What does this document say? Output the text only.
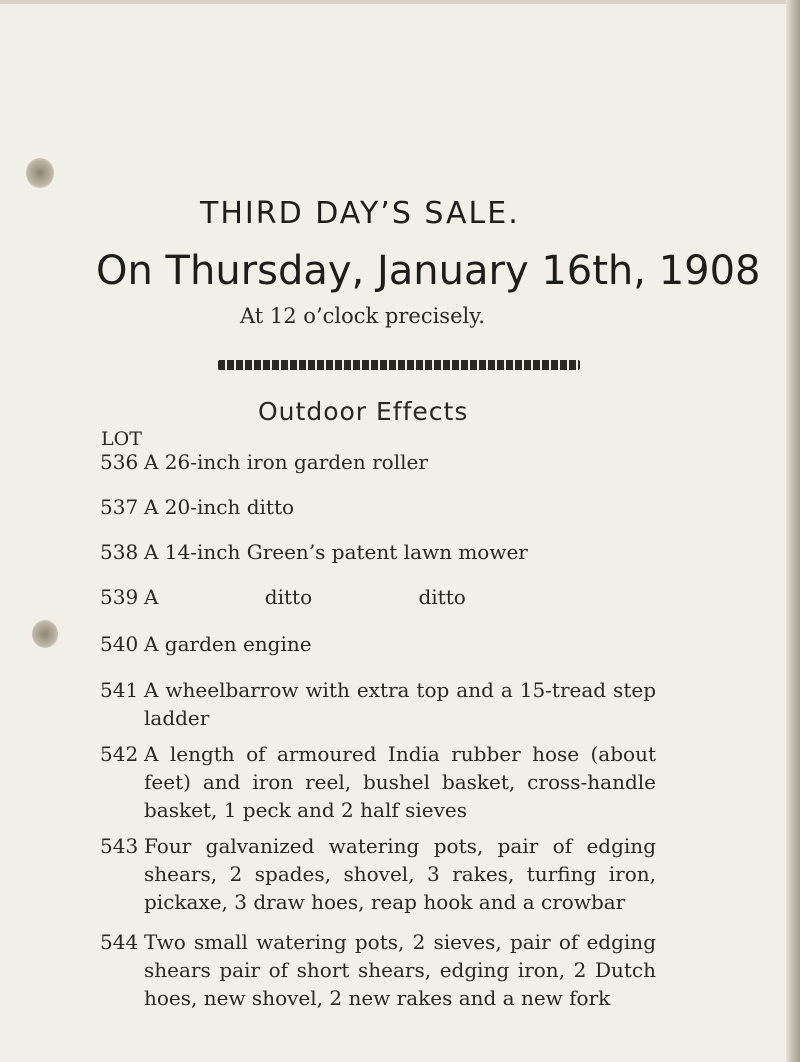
THIRD DAY’S SALE.
On Thursday, January 16th, 1908
At 12 o’clock precisely.
Outdoor Effects
LOT
536 A 26-inch iron garden roller
537 A 20-inch ditto
538 A 14-inch Green’s patent lawn mower
539 A ditto ditto
540 A garden engine
541 A wheelbarrow with extra top and a 15-tread step ladder
542 A length of armoured India rubber hose (about feet) and iron reel, bushel basket, cross-handle basket, 1 peck and 2 half sieves
543 Four galvanized watering pots, pair of edging shears, 2 spades, shovel, 3 rakes, turfing iron, pickaxe, 3 draw hoes, reap hook and a crowbar
544 Two small watering pots, 2 sieves, pair of edging shears pair of short shears, edging iron, 2 Dutch hoes, new shovel, 2 new rakes and a new fork
